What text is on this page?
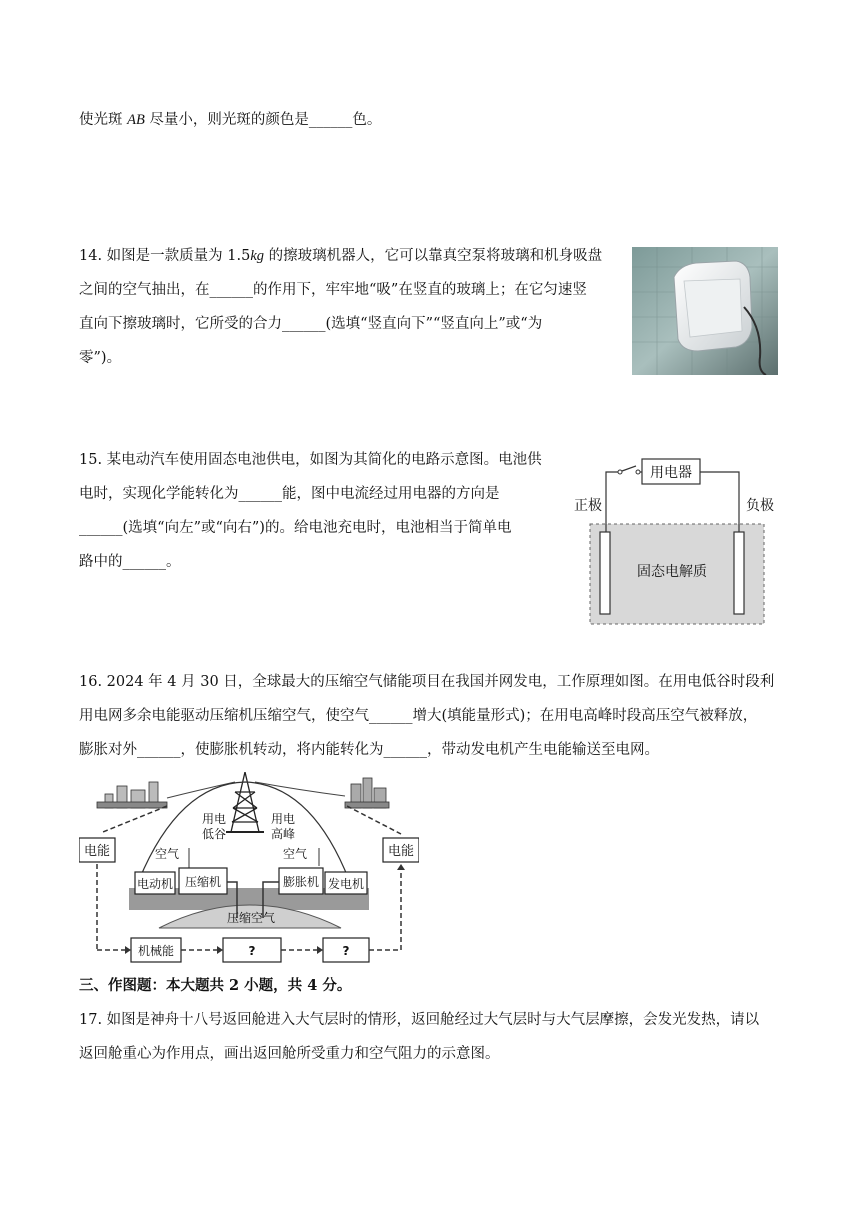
使光斑 AB 尽量小，则光斑的颜色是______色。
14. 如图是一款质量为 1.5kg 的擦玻璃机器人，它可以靠真空泵将玻璃和机身吸盘
之间的空气抽出，在______的作用下，牢牢地“吸”在竖直的玻璃上；在它匀速竖
直向下擦玻璃时，它所受的合力______(选填“竖直向下”“竖直向上”或“为
零”)。
15. 某电动汽车使用固态电池供电，如图为其简化的电路示意图。电池供
电时，实现化学能转化为______能，图中电流经过用电器的方向是
______(选填“向左”或“向右”)的。给电池充电时，电池相当于简单电
路中的______。
用电器
正极	负极
固态电解质
16. 2024 年 4 月 30 日，全球最大的压缩空气储能项目在我国并网发电，工作原理如图。在用电低谷时段利
用电网多余电能驱动压缩机压缩空气，使空气______增大(填能量形式)；在用电高峰时段高压空气被释放，
膨胀对外______，使膨胀机转动，将内能转化为______，带动发电机产生电能输送至电网。
用电
低谷
用电
高峰
电能	电能
空气	空气
电动机 压缩机	膨胀机 发电机
压缩空气
机械能	?	?
三、作图题：本大题共 2 小题，共 4 分。
17. 如图是神舟十八号返回舱进入大气层时的情形，返回舱经过大气层时与大气层摩擦，会发光发热，请以
返回舱重心为作用点，画出返回舱所受重力和空气阻力的示意图。
